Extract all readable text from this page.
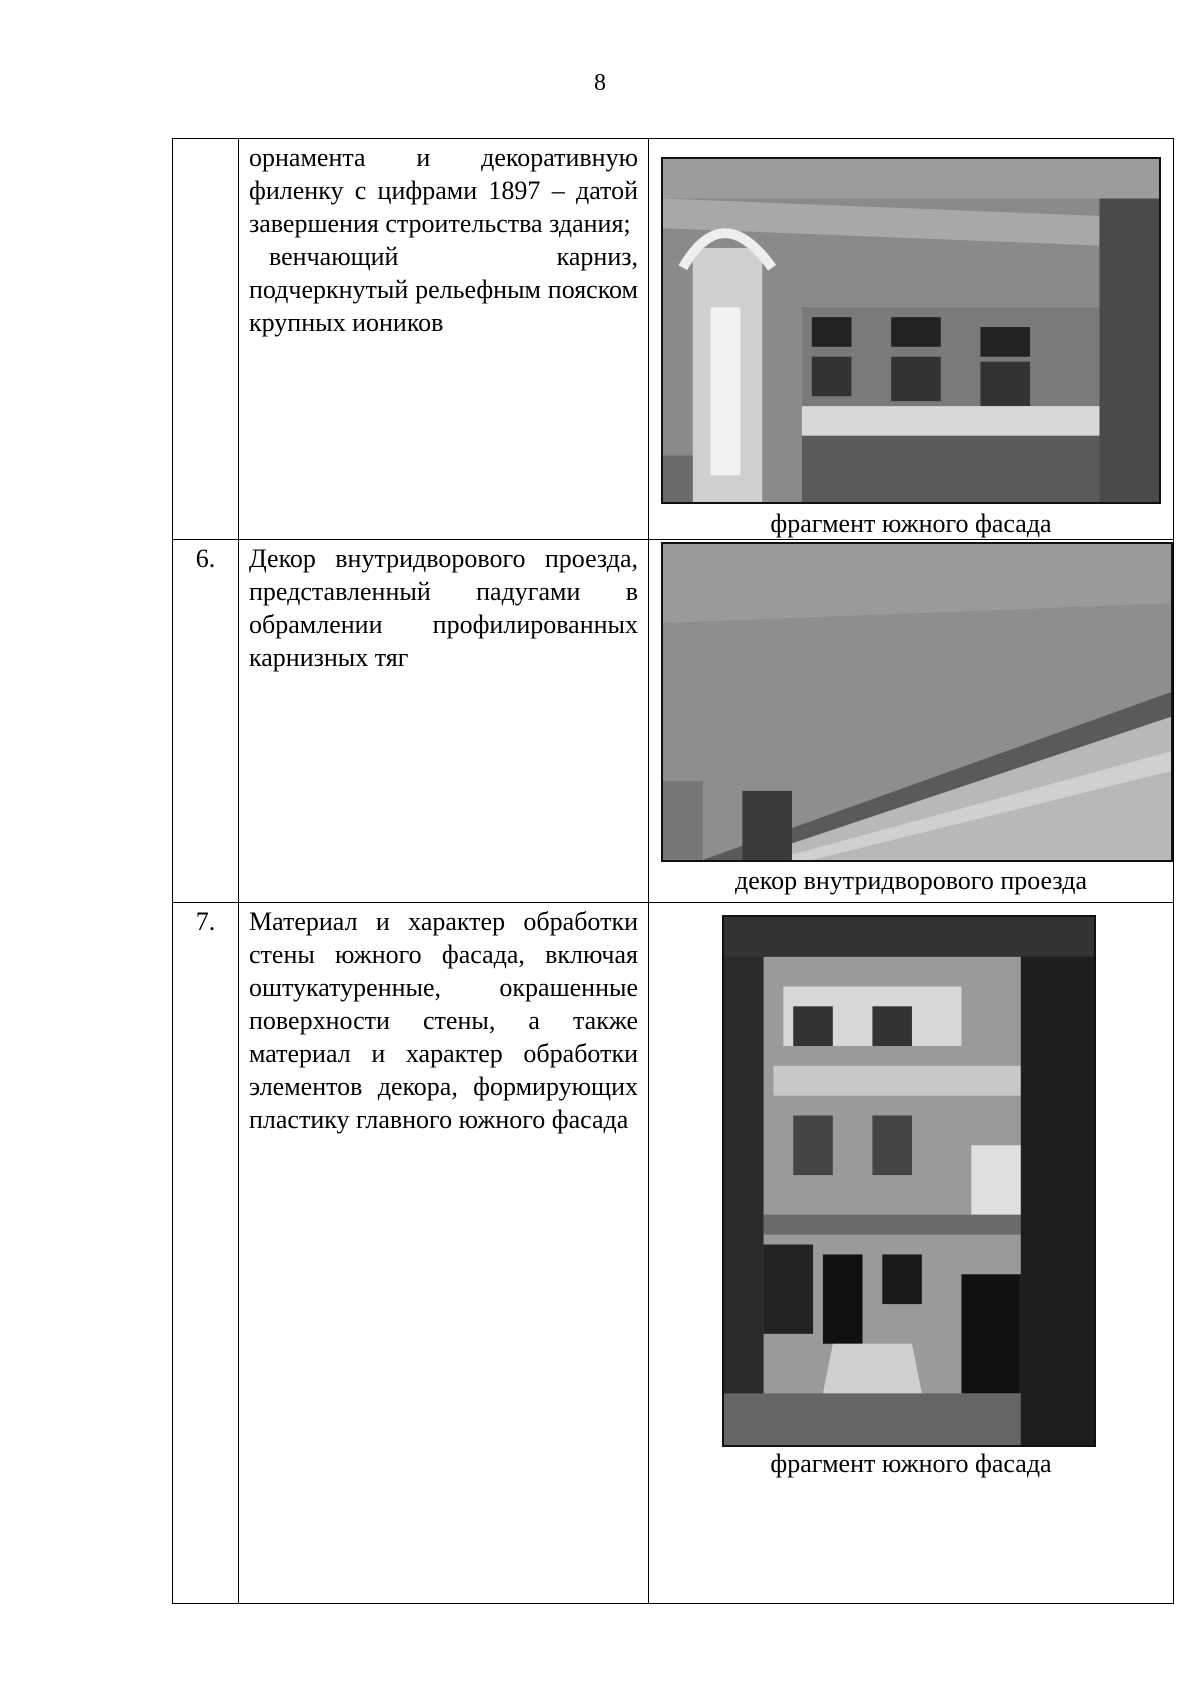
8

	орнамента и декоративную филенку с цифрами 1897 – датой завершения строительства здания;

венчающий карниз, подчеркнутый рельефным пояском крупных иоников	фрагмент южного фасада

6.	Декор внутридворового проезда, представленный падугами в обрамлении профилированных карнизных тяг	декор внутридворового проезда

7.	Материал и характер обработки стены южного фасада, включая оштукатуренные, окрашенные поверхности стены, а также материал и характер обработки элементов декора, формирующих пластику главного южного фасада	фрагмент южного фасада
